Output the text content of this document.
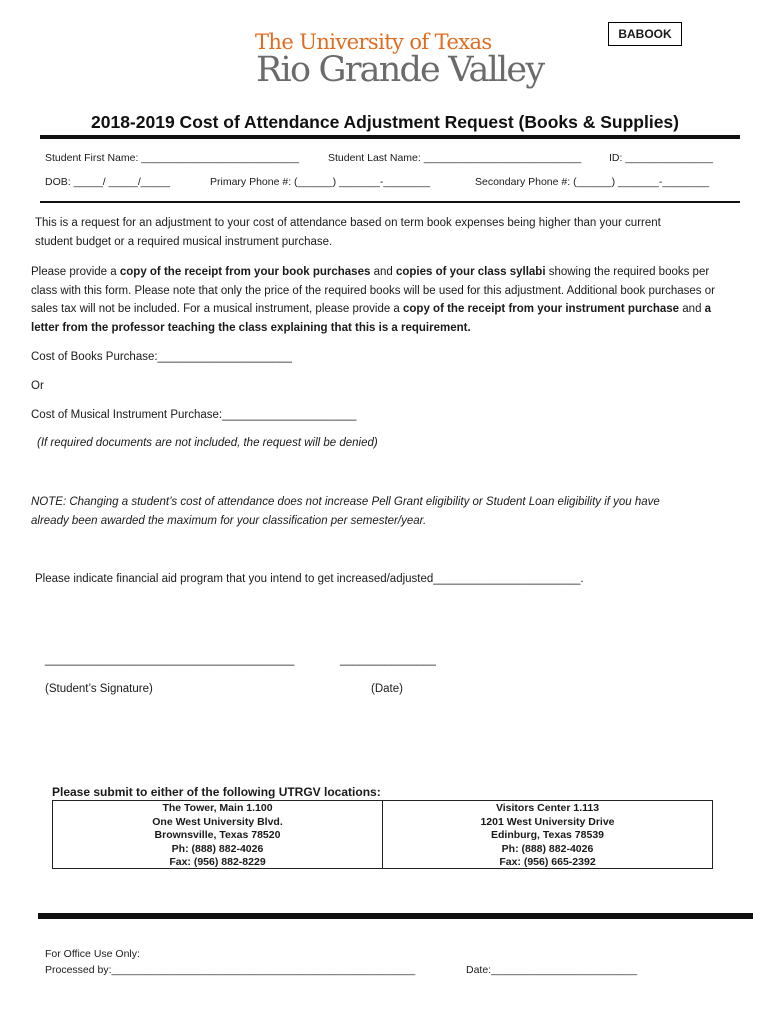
BABOOK
The University of Texas
Rio Grande Valley
2018-2019 Cost of Attendance Adjustment Request (Books & Supplies)
Student First Name: ___________________________	Student Last Name: ___________________________	ID: _______________
DOB: _____/ _____/_____	Primary Phone #: (______) _______-________	Secondary Phone #: (______) _______-________
This is a request for an adjustment to your cost of attendance based on term book expenses being higher than your current
student budget or a required musical instrument purchase.
Please provide a copy of the receipt from your book purchases and copies of your class syllabi showing the required books per class with this form. Please note that only the price of the required books will be used for this adjustment. Additional book purchases or sales tax will not be included. For a musical instrument, please provide a copy of the receipt from your instrument purchase and a letter from the professor teaching the class explaining that this is a requirement.
Cost of Books Purchase:_____________________
Or
Cost of Musical Instrument Purchase:_____________________
(If required documents are not included, the request will be denied)
NOTE: Changing a student’s cost of attendance does not increase Pell Grant eligibility or Student Loan eligibility if you have
already been awarded the maximum for your classification per semester/year.
Please indicate financial aid program that you intend to get increased/adjusted_______________________.
_______________________________________	_______________
(Student’s Signature)	(Date)
Please submit to either of the following UTRGV locations:
The Tower, Main 1.100
One West University Blvd.
Brownsville, Texas 78520
Ph: (888) 882-4026
Fax: (956) 882-8229
Visitors Center 1.113
1201 West University Drive
Edinburg, Texas 78539
Ph: (888) 882-4026
Fax: (956) 665-2392
For Office Use Only:
Processed by:____________________________________________________	Date:_________________________
